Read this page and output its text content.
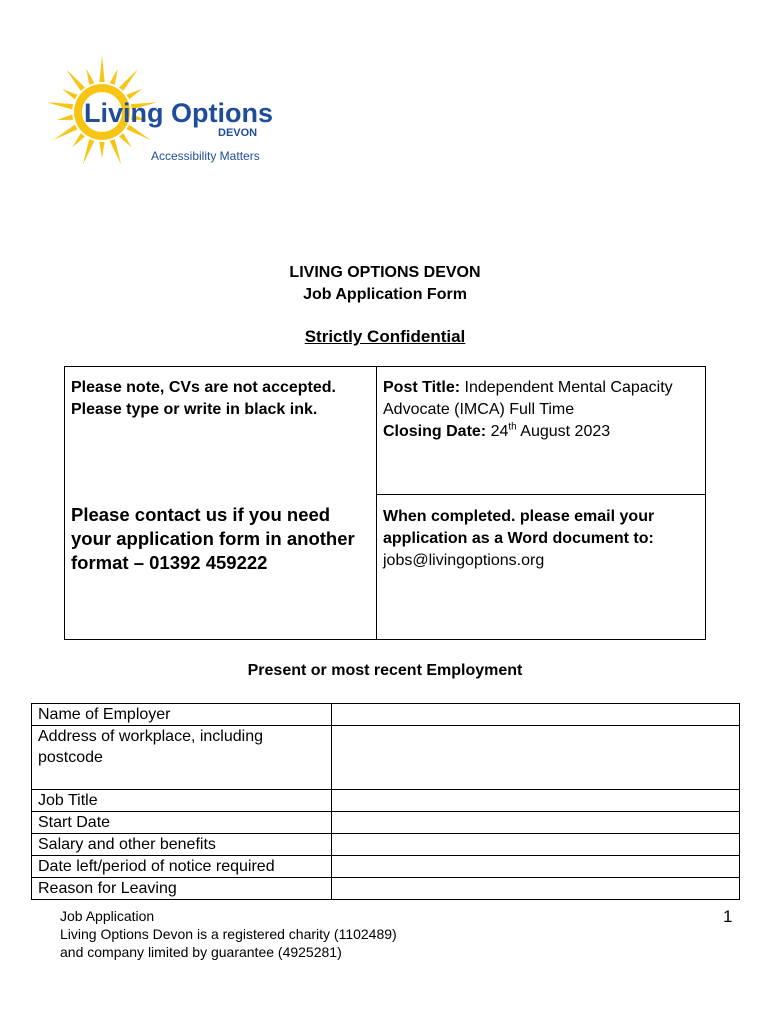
Living Options
DEVON
Accessibility Matters
LIVING OPTIONS DEVON
Job Application Form
Strictly Confidential
Please note, CVs are not accepted.
Please type or write in black ink.
Please contact us if you need your application form in another format – 01392 459222
Post Title: Independent Mental Capacity Advocate (IMCA) Full Time
Closing Date: 24th August 2023
When completed. please email your application as a Word document to:
jobs@livingoptions.org
Present or most recent Employment
Name of Employer	
Address of workplace, including postcode	
Job Title	
Start Date	
Salary and other benefits	
Date left/period of notice required	
Reason for Leaving	
Job Application
Living Options Devon is a registered charity (1102489)
and company limited by guarantee (4925281)
1
